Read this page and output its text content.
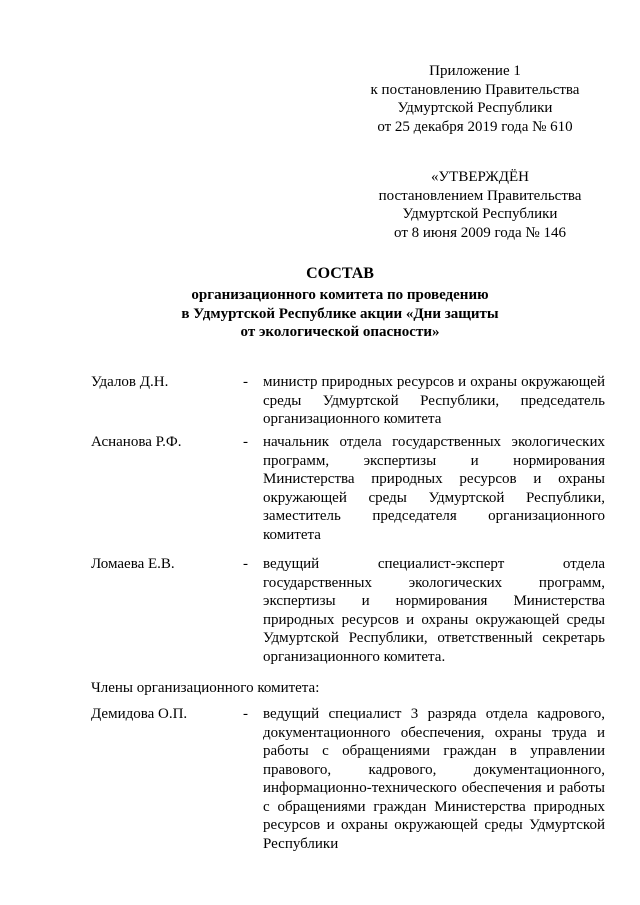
Приложение 1
к постановлению Правительства
Удмуртской Республики
от 25 декабря 2019 года № 610
«УТВЕРЖДЁН
постановлением Правительства
Удмуртской Республики
от 8 июня 2009 года № 146
СОСТАВ
организационного комитета по проведению
в Удмуртской Республике акции «Дни защиты
от экологической опасности»
Удалов Д.Н.	- министр природных ресурсов и охраны окружающей среды Удмуртской Республики, председатель организационного комитета
Аснанова Р.Ф.	- начальник отдела государственных экологических программ, экспертизы и нормирования Министерства природных ресурсов и охраны окружающей среды Удмуртской Республики, заместитель председателя организационного комитета
Ломаева Е.В.	- ведущий специалист-эксперт отдела государственных экологических программ, экспертизы и нормирования Министерства природных ресурсов и охраны окружающей среды Удмуртской Республики, ответственный секретарь организационного комитета.
Члены организационного комитета:
Демидова О.П.	- ведущий специалист 3 разряда отдела кадрового, документационного обеспечения, охраны труда и работы с обращениями граждан в управлении правового, кадрового, документационного, информационно-технического обеспечения и работы с обращениями граждан Министерства природных ресурсов и охраны окружающей среды Удмуртской Республики
